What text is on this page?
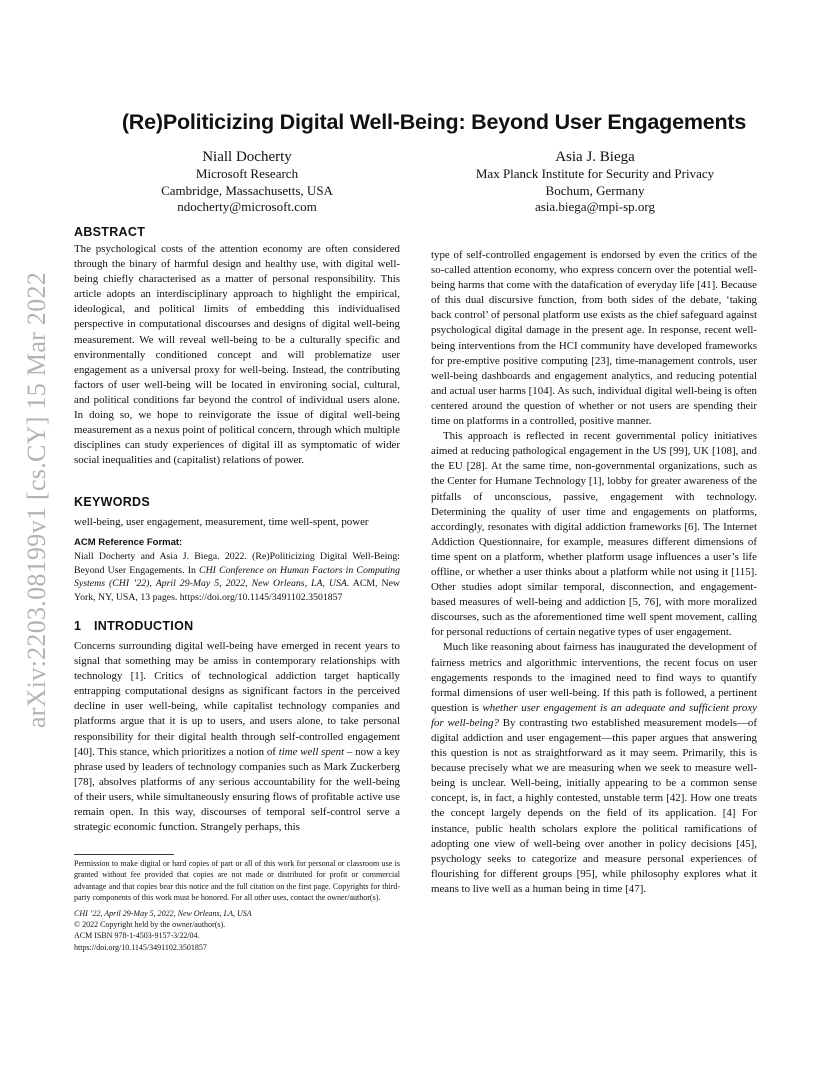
arXiv:2203.08199v1 [cs.CY] 15 Mar 2022
(Re)Politicizing Digital Well-Being: Beyond User Engagements
Niall Docherty
Microsoft Research
Cambridge, Massachusetts, USA
ndocherty@microsoft.com
Asia J. Biega
Max Planck Institute for Security and Privacy
Bochum, Germany
asia.biega@mpi-sp.org
ABSTRACT

The psychological costs of the attention economy are often considered through the binary of harmful design and healthy use, with digital well-being chiefly characterised as a matter of personal responsibility. This article adopts an interdisciplinary approach to highlight the empirical, ideological, and political limits of embedding this individualised perspective in computational discourses and designs of digital well-being measurement. We will reveal well-being to be a culturally specific and environmentally conditioned concept and will problematize user engagement as a universal proxy for well-being. Instead, the contributing factors of user well-being will be located in environing social, cultural, and political conditions far beyond the control of individual users alone. In doing so, we hope to reinvigorate the issue of digital well-being measurement as a nexus point of political concern, through which multiple disciplines can study experiences of digital ill as symptomatic of wider social inequalities and (capitalist) relations of power.

KEYWORDS

well-being, user engagement, measurement, time well-spent, power

ACM Reference Format:

Niall Docherty and Asia J. Biega. 2022. (Re)Politicizing Digital Well-Being: Beyond User Engagements. In CHI Conference on Human Factors in Computing Systems (CHI ’22), April 29-May 5, 2022, New Orleans, LA, USA. ACM, New York, NY, USA, 13 pages. https://doi.org/10.1145/3491102.3501857

1 INTRODUCTION

Concerns surrounding digital well-being have emerged in recent years to signal that something may be amiss in contemporary relationships with technology [1]. Critics of technological addiction target haptically entrapping computational designs as significant factors in the perceived decline in user well-being, while capitalist technology companies and platforms argue that it is up to users, and users alone, to take personal responsibility for their digital health through self-controlled engagement [40]. This stance, which prioritizes a notion of time well spent – now a key phrase used by leaders of technology companies such as Mark Zuckerberg [78], absolves platforms of any serious accountability for the well-being of their users, while simultaneously ensuring flows of profitable active use remain open. In this way, discourses of temporal self-control serve a strategic economic function. Strangely perhaps, this

Permission to make digital or hard copies of part or all of this work for personal or classroom use is granted without fee provided that copies are not made or distributed for profit or commercial advantage and that copies bear this notice and the full citation on the first page. Copyrights for third-party components of this work must be honored. For all other uses, contact the owner/author(s).

CHI ’22, April 29-May 5, 2022, New Orleans, LA, USA

© 2022 Copyright held by the owner/author(s).

ACM ISBN 978-1-4503-9157-3/22/04.

https://doi.org/10.1145/3491102.3501857

type of self-controlled engagement is endorsed by even the critics of the so-called attention economy, who express concern over the potential well-being harms that come with the datafication of everyday life [41]. Because of this dual discursive function, from both sides of the debate, ‘taking back control’ of personal platform use exists as the chief safeguard against psychological digital damage in the present age. In response, recent well-being interventions from the HCI community have developed frameworks for pre-emptive positive computing [23], time-management controls, user well-being dashboards and engagement analytics, and reducing potential and actual user harms [104]. As such, individual digital well-being is often centered around the question of whether or not users are spending their time on platforms in a controlled, positive manner.

This approach is reflected in recent governmental policy initiatives aimed at reducing pathological engagement in the US [99], UK [108], and the EU [28]. At the same time, non-governmental organizations, such as the Center for Humane Technology [1], lobby for greater awareness of the pitfalls of unconscious, passive, engagement with technology. Determining the quality of user time and engagements on platforms, accordingly, resonates with digital addiction frameworks [6]. The Internet Addiction Questionnaire, for example, measures different dimensions of time spent on a platform, whether platform usage influences a user’s life offline, or whether a user thinks about a platform while not using it [115]. Other studies adopt similar temporal, disconnection, and engagement-based measures of well-being and addiction [5, 76], with more moralized discourses, such as the aforementioned time well spent movement, calling for personal reductions of certain negative types of user engagement.

Much like reasoning about fairness has inaugurated the development of fairness metrics and algorithmic interventions, the recent focus on user engagements responds to the imagined need to find ways to quantify formal dimensions of user well-being. If this path is followed, a pertinent question is whether user engagement is an adequate and sufficient proxy for well-being? By contrasting two established measurement models—of digital addiction and user engagement—this paper argues that answering this question is not as straightforward as it may seem. Primarily, this is because precisely what we are measuring when we seek to measure well-being is unclear. Well-being, initially appearing to be a common sense concept, is, in fact, a highly contested, unstable term [42]. How one treats the concept largely depends on the field of its application. [4] For instance, public health scholars explore the political ramifications of adopting one view of well-being over another in policy decisions [45], psychology seeks to categorize and measure personal experiences of flourishing for different groups [95], while philosophy explores what it means to live well as a human being in time [47].
